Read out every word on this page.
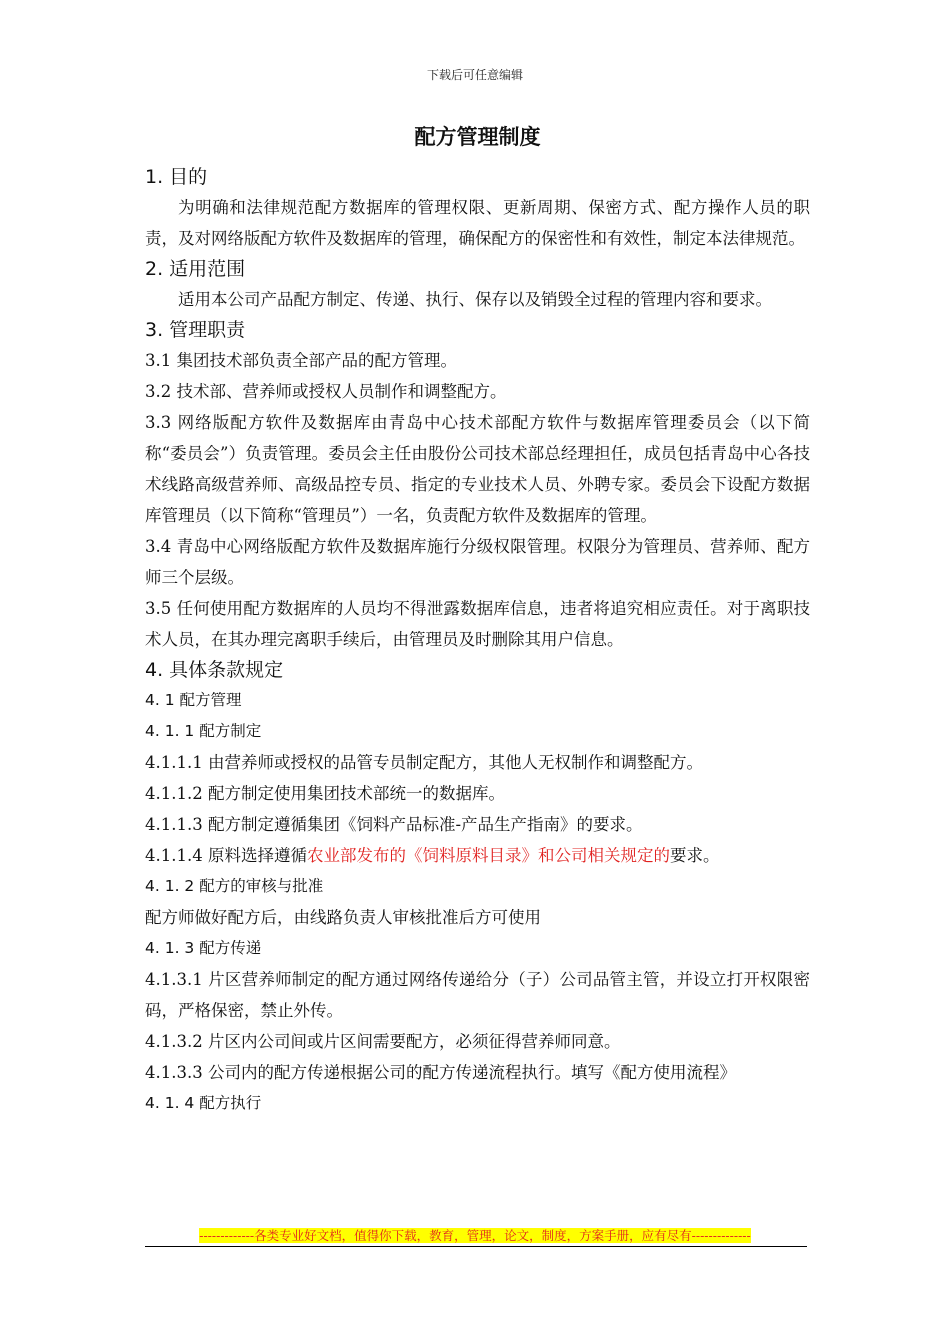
下载后可任意编辑
配方管理制度
1. 目的

为明确和法律规范配方数据库的管理权限、更新周期、保密方式、配方操作人员的职责，及对网络版配方软件及数据库的管理，确保配方的保密性和有效性，制定本法律规范。

2. 适用范围

适用本公司产品配方制定、传递、执行、保存以及销毁全过程的管理内容和要求。

3. 管理职责

3.1 集团技术部负责全部产品的配方管理。

3.2 技术部、营养师或授权人员制作和调整配方。

3.3 网络版配方软件及数据库由青岛中心技术部配方软件与数据库管理委员会（以下简称“委员会”）负责管理。委员会主任由股份公司技术部总经理担任，成员包括青岛中心各技术线路高级营养师、高级品控专员、指定的专业技术人员、外聘专家。委员会下设配方数据库管理员（以下简称“管理员”）一名，负责配方软件及数据库的管理。

3.4 青岛中心网络版配方软件及数据库施行分级权限管理。权限分为管理员、营养师、配方师三个层级。

3.5 任何使用配方数据库的人员均不得泄露数据库信息，违者将追究相应责任。对于离职技术人员，在其办理完离职手续后，由管理员及时删除其用户信息。

4. 具体条款规定
4. 1 配方管理
4. 1. 1 配方制定

4.1.1.1 由营养师或授权的品管专员制定配方，其他人无权制作和调整配方。

4.1.1.2 配方制定使用集团技术部统一的数据库。

4.1.1.3 配方制定遵循集团《饲料产品标准-产品生产指南》的要求。

4.1.1.4 原料选择遵循农业部发布的《饲料原料目录》和公司相关规定的要求。

4. 1. 2 配方的审核与批准

配方师做好配方后，由线路负责人审核批准后方可使用

4. 1. 3 配方传递

4.1.3.1 片区营养师制定的配方通过网络传递给分（子）公司品管主管，并设立打开权限密码，严格保密，禁止外传。

4.1.3.2 片区内公司间或片区间需要配方，必须征得营养师同意。

4.1.3.3 公司内的配方传递根据公司的配方传递流程执行。填写《配方使用流程》

4. 1. 4 配方执行
-------------各类专业好文档，值得你下载，教育，管理，论文，制度，方案手册，应有尽有--------------
